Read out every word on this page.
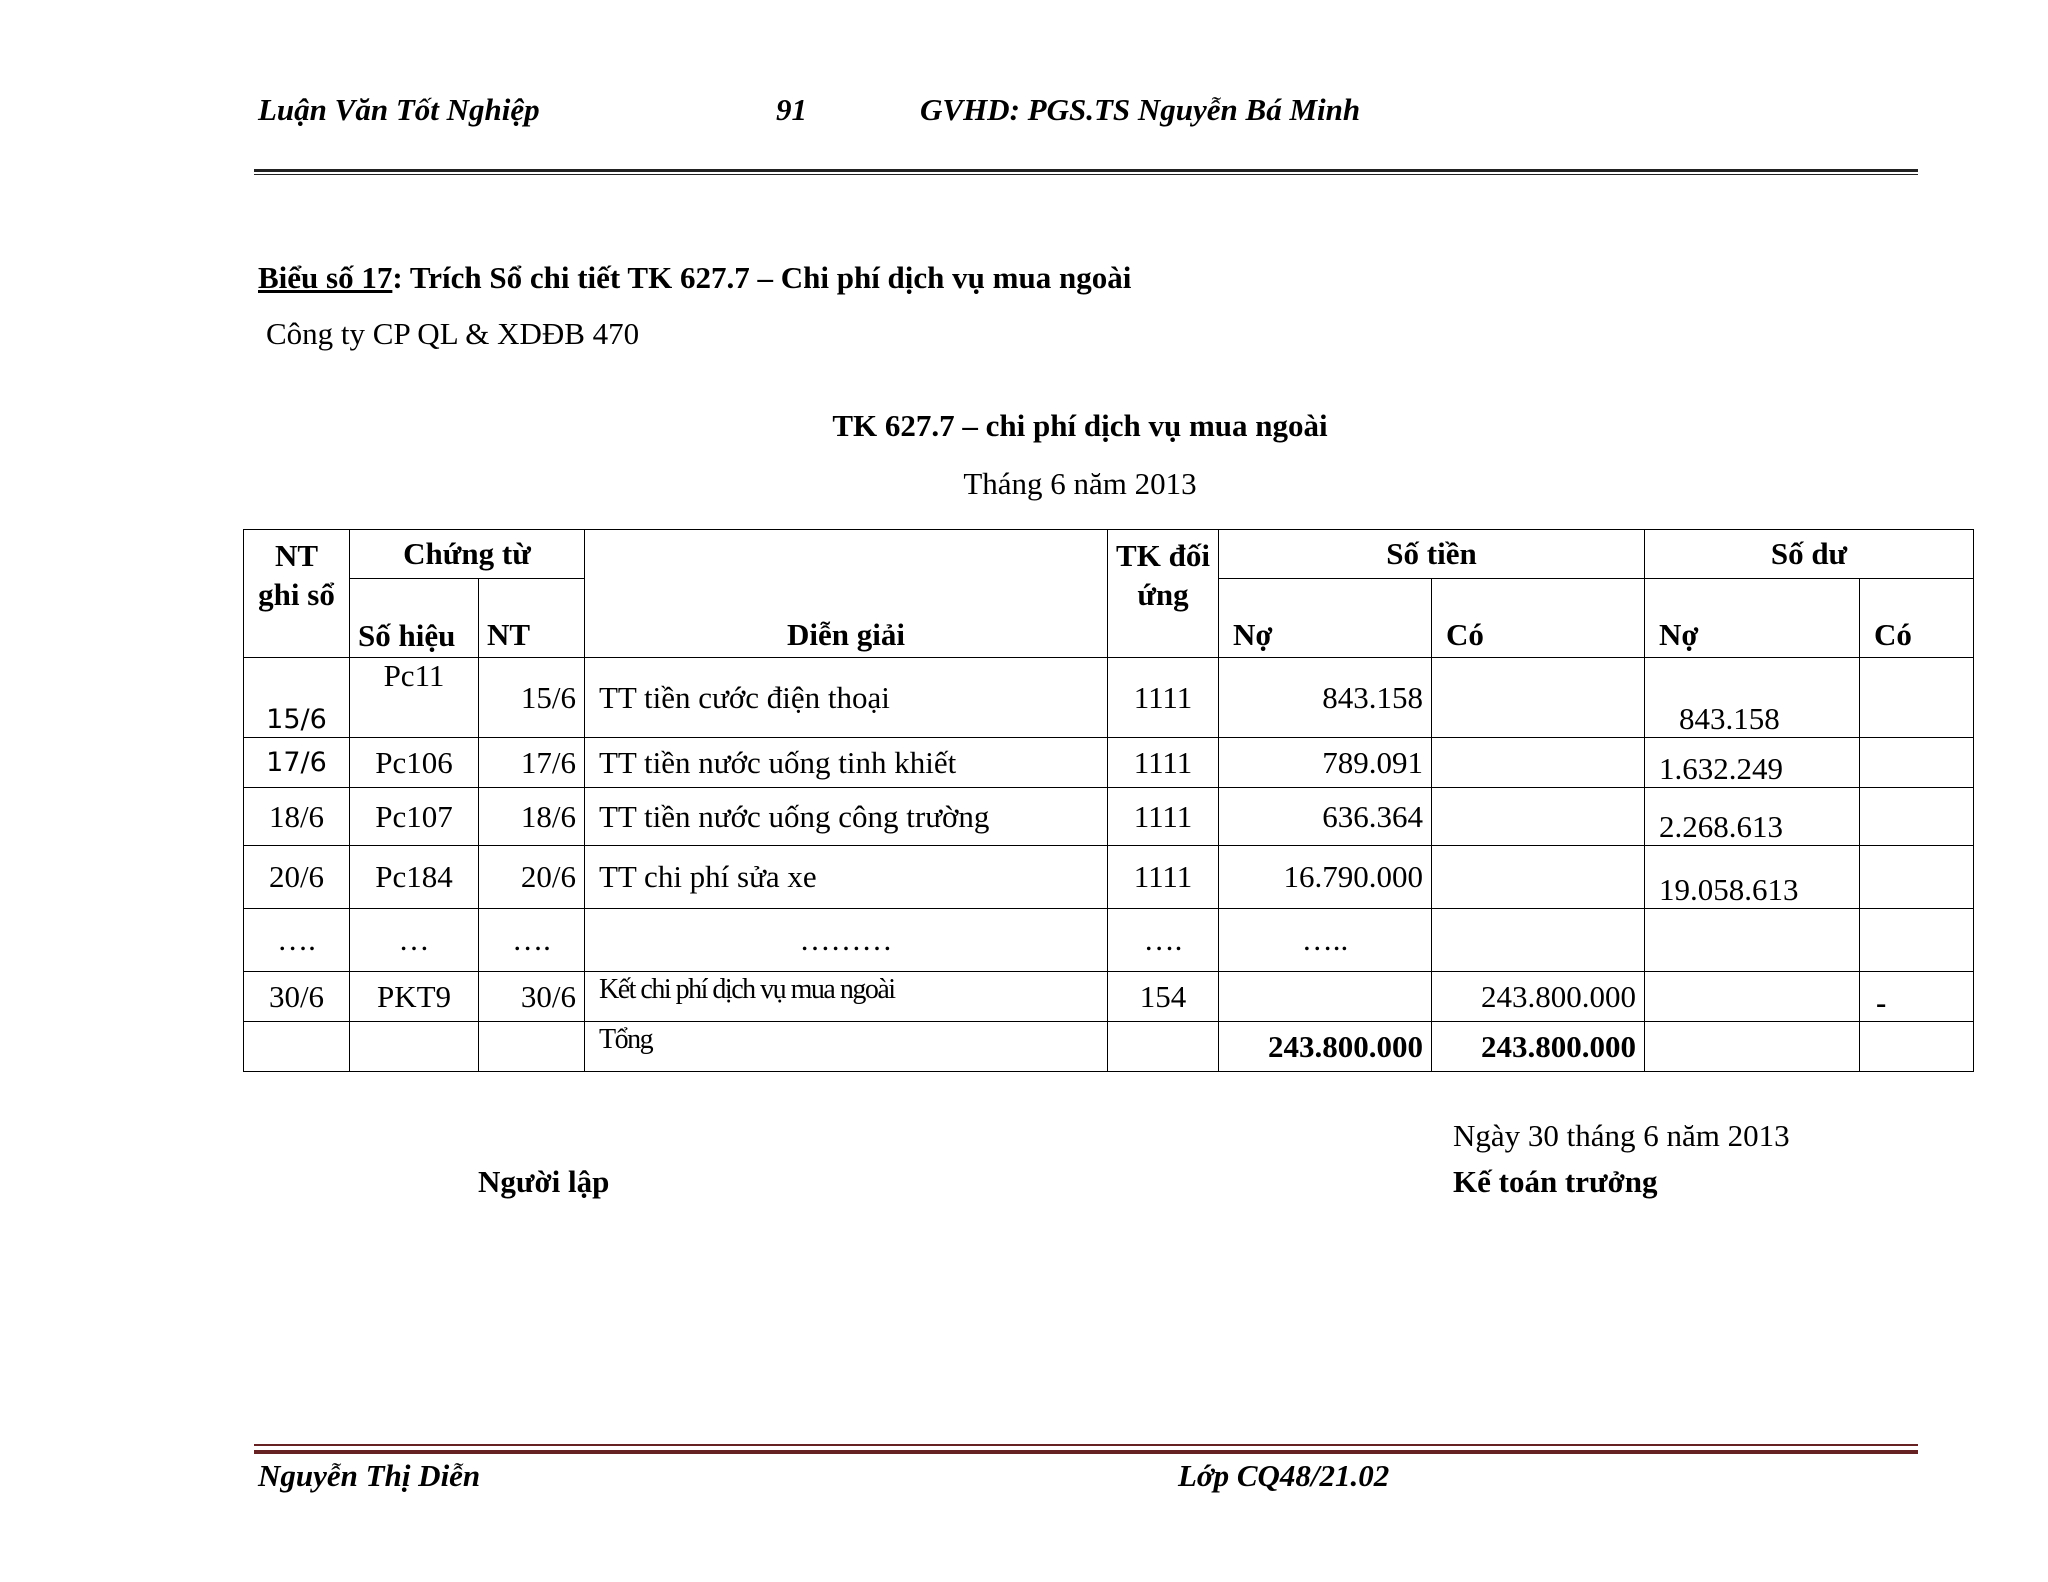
Luận Văn Tốt Nghiệp	91	GVHD: PGS.TS Nguyễn Bá Minh
Biểu số 17: Trích Sổ chi tiết TK 627.7 – Chi phí dịch vụ mua ngoài
Công ty CP QL & XDĐB 470
TK 627.7 – chi phí dịch vụ mua ngoài
Tháng 6 năm 2013
NT ghi sổ	Chứng từ		Diễn giải	TK đối ứng	Số tiền		Số dư	
	Số hiệu	NT			Nợ	Có	Nợ	Có
15/6	Pc11	15/6	TT tiền cước điện thoại	1111	843.158		843.158	
17/6	Pc106	17/6	TT tiền nước uống tinh khiết	1111	789.091		1.632.249	
18/6	Pc107	18/6	TT tiền nước uống công trường	1111	636.364		2.268.613	
20/6	Pc184	20/6	TT chi phí sửa xe	1111	16.790.000		19.058.613	
….	…	….	………	….	…..			
30/6	PKT9	30/6	Kết chi phí dịch vụ mua ngoài	154		243.800.000		-
			Tổng		243.800.000	243.800.000		
Ngày 30 tháng 6 năm 2013
Người lập	Kế toán trưởng
Nguyễn Thị Diễn	Lớp CQ48/21.02
